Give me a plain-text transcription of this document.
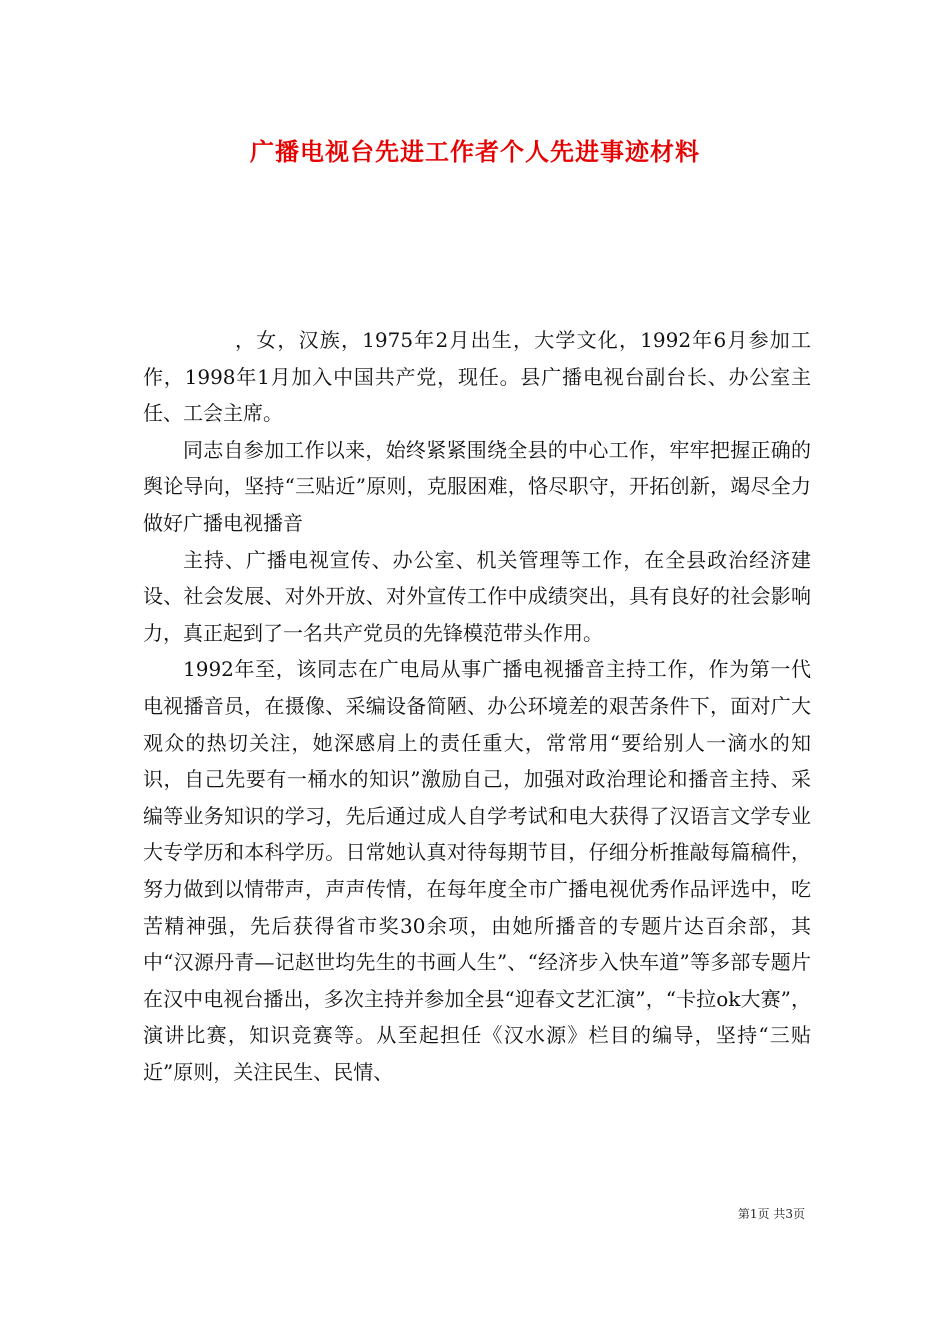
广播电视台先进工作者个人先进事迹材料

，女，汉族，1975年2月出生，大学文化，1992年6月参加工作，1998年1月加入中国共产党，现任。县广播电视台副台长、办公室主任、工会主席。

同志自参加工作以来，始终紧紧围绕全县的中心工作，牢牢把握正确的舆论导向，坚持“三贴近”原则，克服困难，恪尽职守，开拓创新，竭尽全力做好广播电视播音

主持、广播电视宣传、办公室、机关管理等工作，在全县政治经济建设、社会发展、对外开放、对外宣传工作中成绩突出，具有良好的社会影响力，真正起到了一名共产党员的先锋模范带头作用。

1992年至，该同志在广电局从事广播电视播音主持工作，作为第一代电视播音员，在摄像、采编设备简陋、办公环境差的艰苦条件下，面对广大观众的热切关注，她深感肩上的责任重大，常常用“要给别人一滴水的知识，自己先要有一桶水的知识”激励自己，加强对政治理论和播音主持、采编等业务知识的学习，先后通过成人自学考试和电大获得了汉语言文学专业大专学历和本科学历。日常她认真对待每期节目，仔细分析推敲每篇稿件，努力做到以情带声，声声传情，在每年度全市广播电视优秀作品评选中，吃苦精神强，先后获得省市奖30余项，由她所播音的专题片达百余部，其中“汉源丹青—记赵世均先生的书画人生”、“经济步入快车道”等多部专题片在汉中电视台播出，多次主持并参加全县“迎春文艺汇演”，“卡拉ok大赛”，演讲比赛，知识竞赛等。从至起担任《汉水源》栏目的编导，坚持“三贴近”原则，关注民生、民情、

第1页 共3页
